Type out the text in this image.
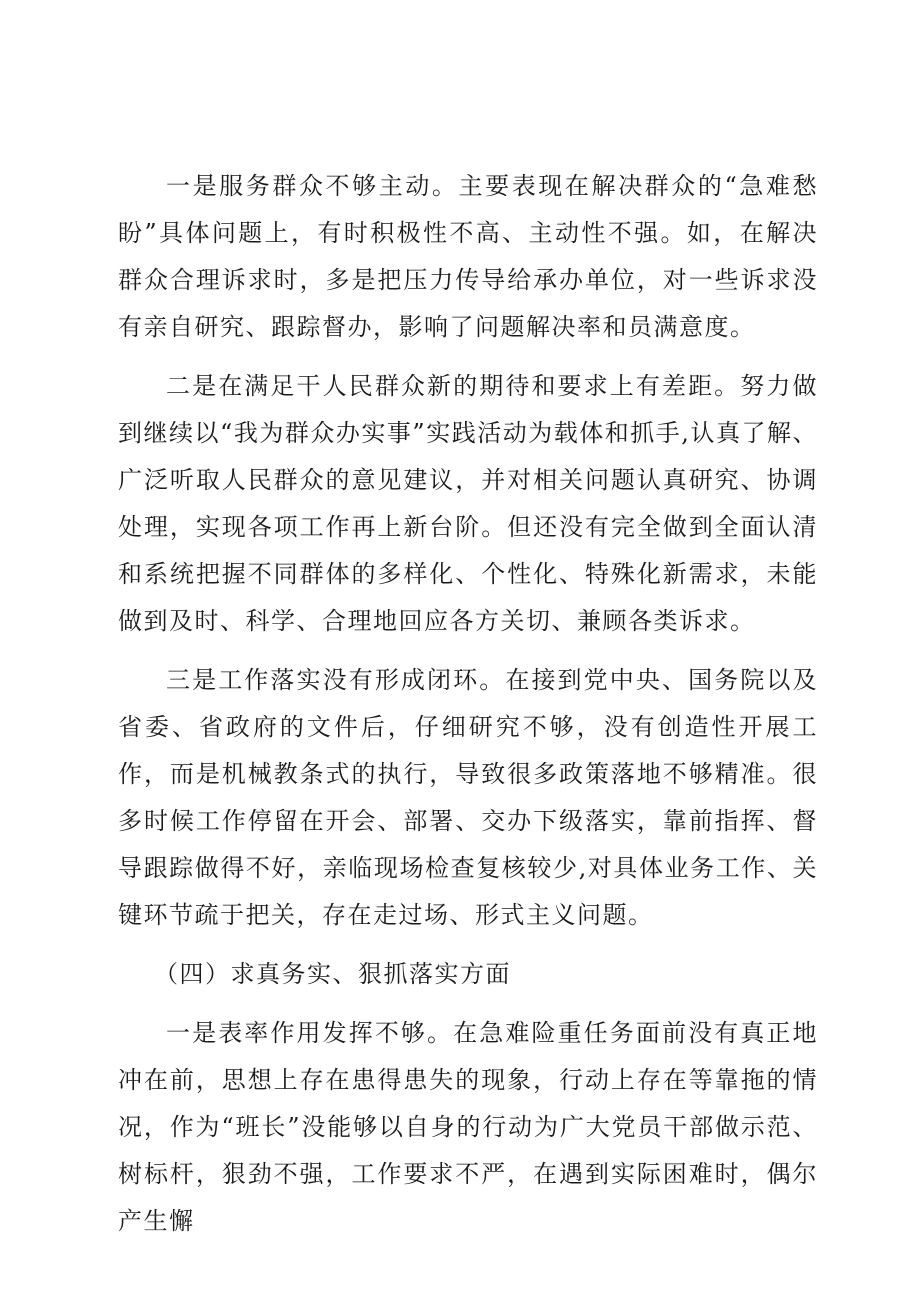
一是服务群众不够主动。主要表现在解决群众的“急难愁盼”具体问题上，有时积极性不高、主动性不强。如，在解决群众合理诉求时，多是把压力传导给承办单位，对一些诉求没有亲自研究、跟踪督办，影响了问题解决率和员满意度。

二是在满足干人民群众新的期待和要求上有差距。努力做到继续以“我为群众办实事”实践活动为载体和抓手,认真了解、广泛听取人民群众的意见建议，并对相关问题认真研究、协调处理，实现各项工作再上新台阶。但还没有完全做到全面认清和系统把握不同群体的多样化、个性化、特殊化新需求，未能做到及时、科学、合理地回应各方关切、兼顾各类诉求。

三是工作落实没有形成闭环。在接到党中央、国务院以及省委、省政府的文件后，仔细研究不够，没有创造性开展工作，而是机械教条式的执行，导致很多政策落地不够精准。很多时候工作停留在开会、部署、交办下级落实，靠前指挥、督导跟踪做得不好，亲临现场检查复核较少,对具体业务工作、关键环节疏于把关，存在走过场、形式主义问题。

（四）求真务实、狠抓落实方面

一是表率作用发挥不够。在急难险重任务面前没有真正地冲在前，思想上存在患得患失的现象，行动上存在等靠拖的情况，作为“班长”没能够以自身的行动为广大党员干部做示范、树标杆，狠劲不强，工作要求不严，在遇到实际困难时，偶尔产生懈
